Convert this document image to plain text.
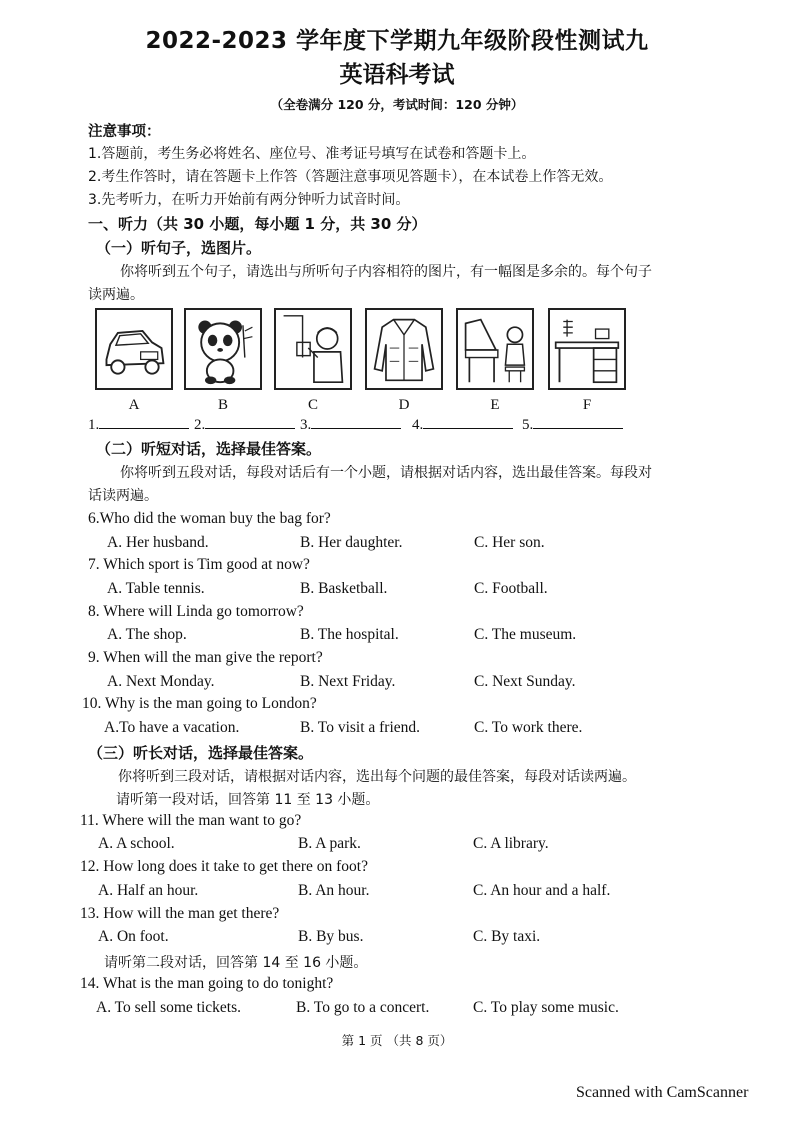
2022-2023 学年度下学期九年级阶段性测试九
英语科考试
（全卷满分 120 分，考试时间：120 分钟）
注意事项：
1.答题前，考生务必将姓名、座位号、准考证号填写在试卷和答题卡上。
2.考生作答时，请在答题卡上作答（答题注意事项见答题卡），在本试卷上作答无效。
3.先考听力，在听力开始前有两分钟听力试音时间。
一、听力（共 30 小题，每小题 1 分，共 30 分）
（一）听句子，选图片。
你将听到五个句子，请选出与所听句子内容相符的图片，有一幅图是多余的。每个句子
读两遍。
A	B	C	D	E	F
1.	2.	3.	4.	5.
（二）听短对话，选择最佳答案。
你将听到五段对话，每段对话后有一个小题，请根据对话内容，选出最佳答案。每段对
话读两遍。
6.Who did the woman buy the bag for?
A. Her husband.	B. Her daughter.	C. Her son.
7. Which sport is Tim good at now?
A. Table tennis.	B. Basketball.	C. Football.
8. Where will Linda go tomorrow?
A. The shop.	B. The hospital.	C. The museum.
9. When will the man give the report?
A. Next Monday.	B. Next Friday.	C. Next Sunday.
10. Why is the man going to London?
A.To have a vacation.	B. To visit a friend.	C. To work there.
（三）听长对话，选择最佳答案。
你将听到三段对话，请根据对话内容，选出每个问题的最佳答案，每段对话读两遍。
请听第一段对话，回答第 11 至 13 小题。
11. Where will the man want to go?
A. A school.	B. A park.	C. A library.
12. How long does it take to get there on foot?
A. Half an hour.	B. An hour.	C. An hour and a half.
13. How will the man get there?
A. On foot.	B. By bus.	C. By taxi.
请听第二段对话，回答第 14 至 16 小题。
14. What is the man going to do tonight?
A. To sell some tickets.	B. To go to a concert.	C. To play some music.
第 1 页 （共 8 页）
Scanned with CamScanner
